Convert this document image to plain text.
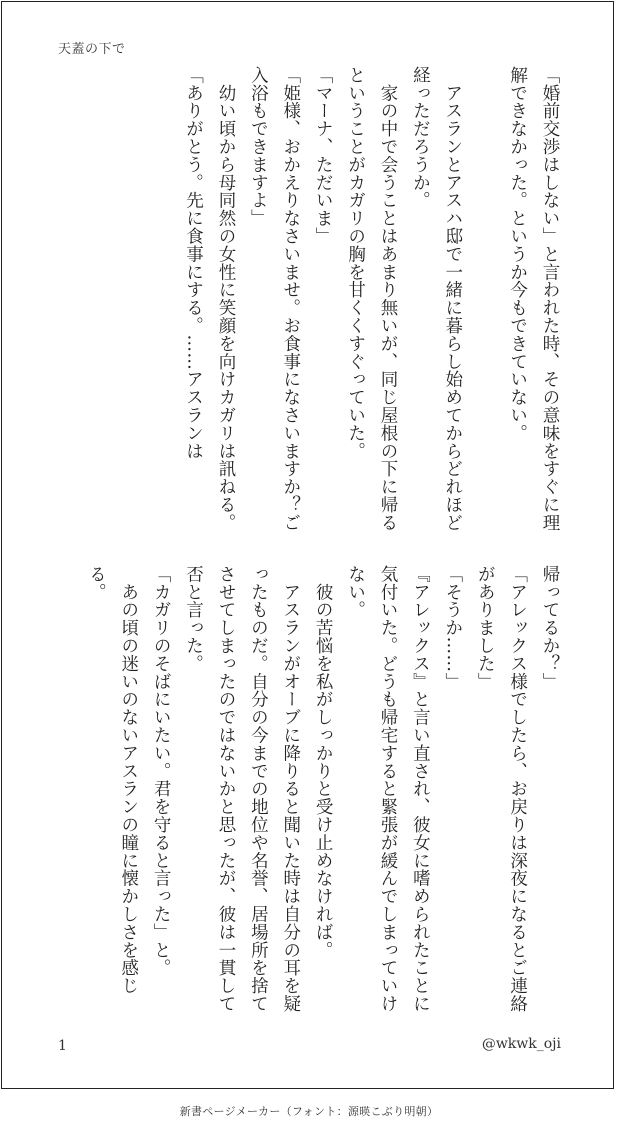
天蓋の下で

「婚前交渉はしない」と言われた時、その意味をすぐに理解できなかった。というか今もできていない。

　アスランとアスハ邸で一緒に暮らし始めてからどれほど経っただろうか。

　家の中で会うことはあまり無いが、同じ屋根の下に帰るということがカガリの胸を甘くくすぐっていた。

「マーナ、ただいま」

「姫様、おかえりなさいませ。お食事になさいますか？ご入浴もできますよ」

　幼い頃から母同然の女性に笑顔を向けカガリは訊ねる。

「ありがとう。先に食事にする。……アスランは

帰ってるか？」

「アレックス様でしたら、お戻りは深夜になるとご連絡がありました」

「そうか……」

『アレックス』と言い直され、彼女に嗜められたことに気付いた。どうも帰宅すると緊張が緩んでしまっていけない。

　彼の苦悩を私がしっかりと受け止めなければ。

　アスランがオーブに降りると聞いた時は自分の耳を疑ったものだ。自分の今までの地位や名誉、居場所を捨てさせてしまったのではないかと思ったが、彼は一貫して否と言った。

「カガリのそばにいたい。君を守ると言った」と。

　あの頃の迷いのないアスランの瞳に懐かしさを感じる。

1	@wkwk_oji
新書ページメーカー（フォント：源暎こぶり明朝）
